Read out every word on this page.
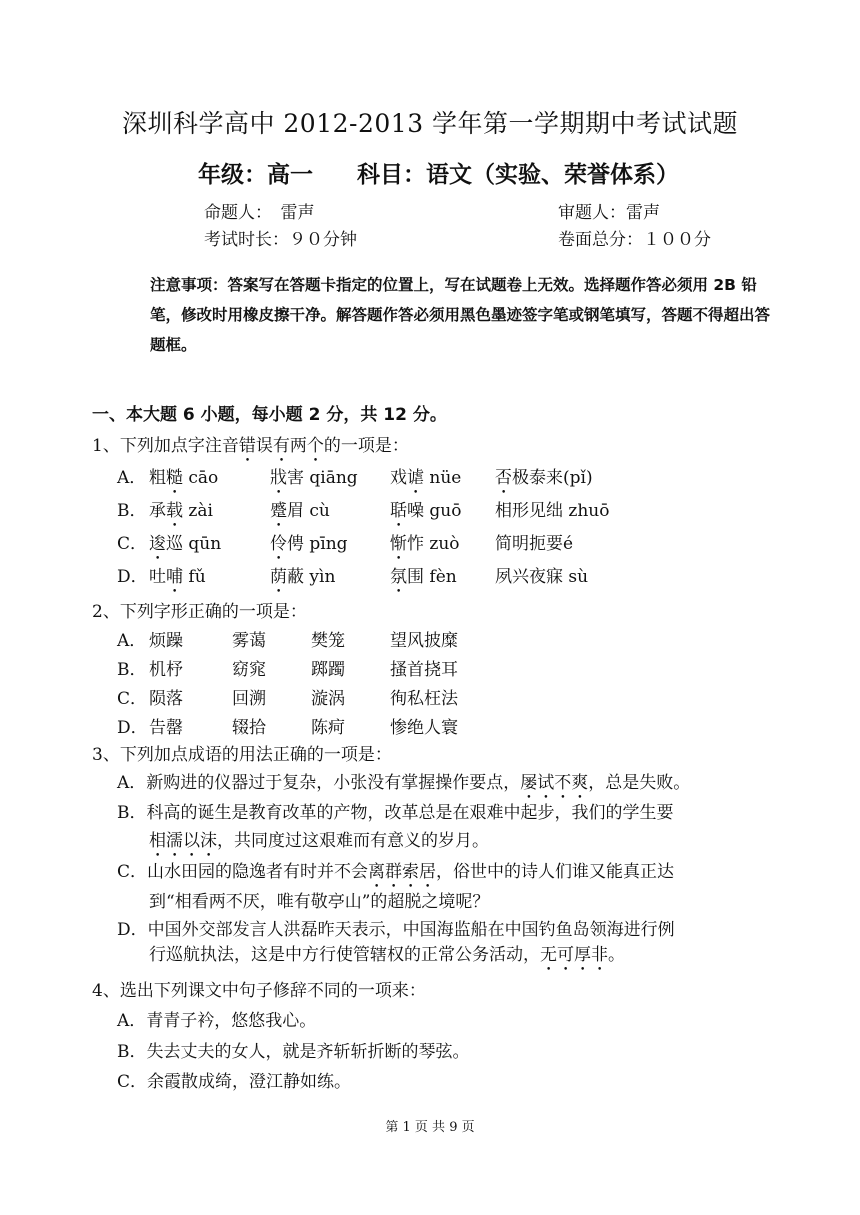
深圳科学高中 2012-2013 学年第一学期期中考试试题
年级：高一 科目：语文（实验、荣誉体系）
命题人：　雷声	审题人：雷声
考试时长：９０分钟	卷面总分：１００分
注意事项：答案写在答题卡指定的位置上，写在试题卷上无效。选择题作答必须用 2B 铅笔，修改时用橡皮擦干净。解答题作答必须用黑色墨迹签字笔或钢笔填写，答题不得超出答题框。
一、本大题 6 小题，每小题 2 分，共 12 分。
1、下列加点字注音错误有两个的一项是：
A． 粗糙 cāo	戕害 qiāng 戏谑 nüe 否极泰来(pǐ)
B． 承载 zài	蹙眉 cù	聒噪 guō 相形见绌 zhuō
C． 逡巡 qūn	伶俜 pīng 惭怍 zuò 简明扼要é
D． 吐哺 fǔ	荫蔽 yìn	氛围 fèn 夙兴夜寐 sù
2、下列字形正确的一项是：
A． 烦躁	雾蔼	樊笼	望风披糜
B． 机杼	窈窕	踯躅	搔首挠耳
C． 陨落	回溯	漩涡	徇私枉法
D． 告罄	辍拾	陈疴	惨绝人寰
3、下列加点成语的用法正确的一项是：
A．新购进的仪器过于复杂，小张没有掌握操作要点，屡试不爽，总是失败。
B．科高的诞生是教育改革的产物，改革总是在艰难中起步，我们的学生要
相濡以沫，共同度过这艰难而有意义的岁月。
C．山水田园的隐逸者有时并不会离群索居，俗世中的诗人们谁又能真正达
到“相看两不厌，唯有敬亭山”的超脱之境呢？
D．中国外交部发言人洪磊昨天表示，中国海监船在中国钓鱼岛领海进行例
行巡航执法，这是中方行使管辖权的正常公务活动，无可厚非。
4、选出下列课文中句子修辞不同的一项来：
A．青青子衿，悠悠我心。
B．失去丈夫的女人，就是齐斩斩折断的琴弦。
C．余霞散成绮，澄江静如练。
第 1 页 共 9 页
